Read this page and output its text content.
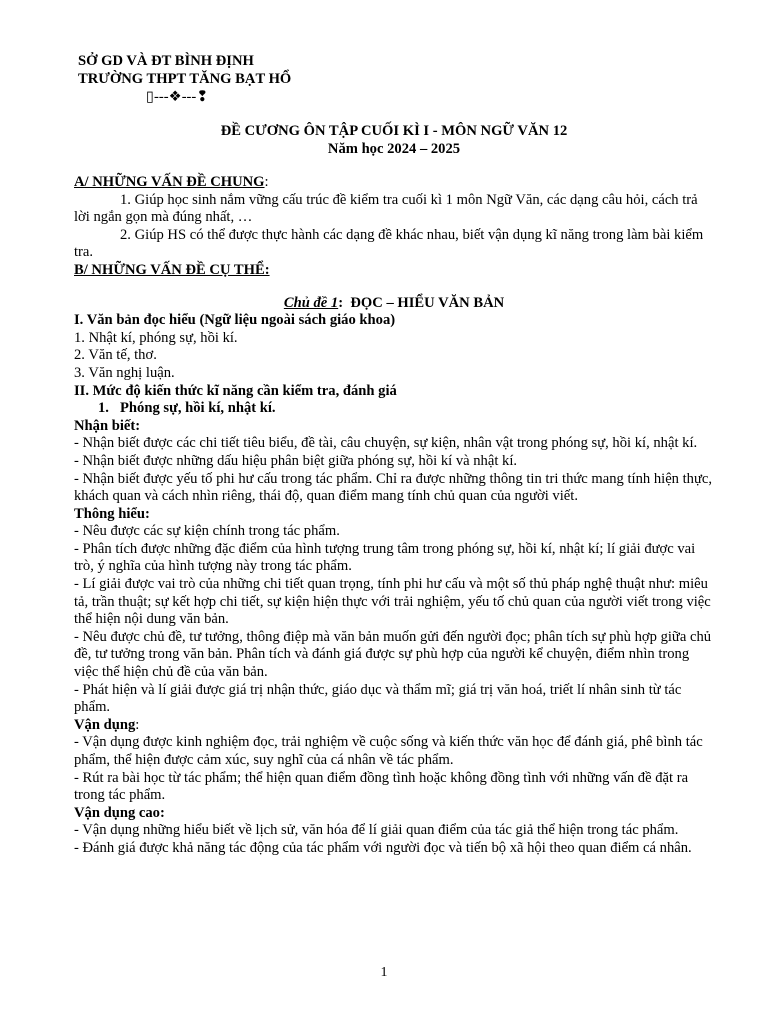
SỞ GD VÀ ĐT BÌNH ĐỊNH

TRƯỜNG THPT TĂNG BẠT HỔ

▯---❖---❢

ĐỀ CƯƠNG ÔN TẬP CUỐI KÌ I - MÔN NGỮ VĂN 12

Năm học 2024 – 2025

A/ NHỮNG VẤN ĐỀ CHUNG:

1. Giúp học sinh nắm vững cấu trúc đề kiểm tra cuối kì 1 môn Ngữ Văn, các dạng câu hỏi, cách trả lời ngắn gọn mà đúng nhất, …

2. Giúp HS có thể được thực hành các dạng đề khác nhau, biết vận dụng kĩ năng trong làm bài kiểm tra.

B/ NHỮNG VẤN ĐỀ CỤ THỂ:

Chủ đề 1: ĐỌC – HIỂU VĂN BẢN

I. Văn bản đọc hiểu (Ngữ liệu ngoài sách giáo khoa)

1. Nhật kí, phóng sự, hồi kí.

2. Văn tế, thơ.

3. Văn nghị luận.

II. Mức độ kiến thức kĩ năng cần kiểm tra, đánh giá

1. Phóng sự, hồi kí, nhật kí.

Nhận biết:

- Nhận biết được các chi tiết tiêu biểu, đề tài, câu chuyện, sự kiện, nhân vật trong phóng sự, hồi kí, nhật kí.

- Nhận biết được những dấu hiệu phân biệt giữa phóng sự, hồi kí và nhật kí.

- Nhận biết được yếu tố phi hư cấu trong tác phẩm. Chỉ ra được những thông tin tri thức mang tính hiện thực, khách quan và cách nhìn riêng, thái độ, quan điểm mang tính chủ quan của người viết.

Thông hiểu:

- Nêu được các sự kiện chính trong tác phẩm.

- Phân tích được những đặc điểm của hình tượng trung tâm trong phóng sự, hồi kí, nhật kí; lí giải được vai trò, ý nghĩa của hình tượng này trong tác phẩm.

- Lí giải được vai trò của những chi tiết quan trọng, tính phi hư cấu và một số thủ pháp nghệ thuật như: miêu tả, trần thuật; sự kết hợp chi tiết, sự kiện hiện thực với trải nghiệm, yếu tố chủ quan của người viết trong việc thể hiện nội dung văn bản.

- Nêu được chủ đề, tư tưởng, thông điệp mà văn bản muốn gửi đến người đọc; phân tích sự phù hợp giữa chủ đề, tư tưởng trong văn bản. Phân tích và đánh giá được sự phù hợp của người kể chuyện, điểm nhìn trong việc thể hiện chủ đề của văn bản.

- Phát hiện và lí giải được giá trị nhận thức, giáo dục và thẩm mĩ; giá trị văn hoá, triết lí nhân sinh từ tác phẩm.

Vận dụng:

- Vận dụng được kinh nghiệm đọc, trải nghiệm về cuộc sống và kiến thức văn học để đánh giá, phê bình tác phẩm, thể hiện được cảm xúc, suy nghĩ của cá nhân về tác phẩm.

- Rút ra bài học từ tác phẩm; thể hiện quan điểm đồng tình hoặc không đồng tình với những vấn đề đặt ra trong tác phẩm.

Vận dụng cao:

- Vận dụng những hiểu biết về lịch sử, văn hóa để lí giải quan điểm của tác giả thể hiện trong tác phẩm.

- Đánh giá được khả năng tác động của tác phẩm với người đọc và tiến bộ xã hội theo quan điểm cá nhân.

1
